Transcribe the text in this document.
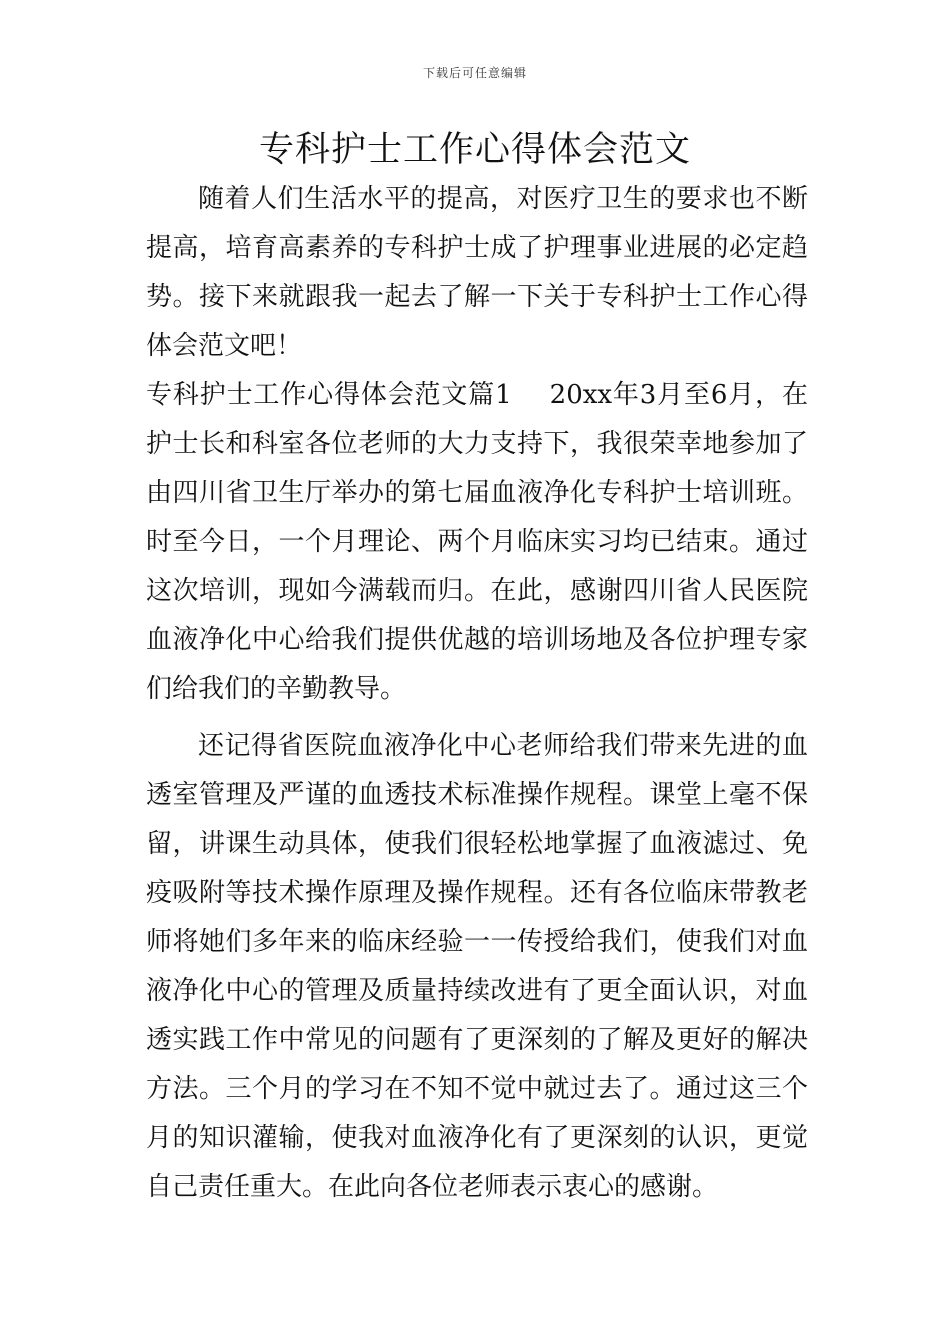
下载后可任意编辑
专科护士工作心得体会范文

随着人们生活水平的提高，对医疗卫生的要求也不断提高，培育高素养的专科护士成了护理事业进展的必定趋势。接下来就跟我一起去了解一下关于专科护士工作心得体会范文吧！

专科护士工作心得体会范文篇1 20xx年3月至6月，在护士长和科室各位老师的大力支持下，我很荣幸地参加了由四川省卫生厅举办的第七届血液净化专科护士培训班。时至今日，一个月理论、两个月临床实习均已结束。通过这次培训，现如今满载而归。在此，感谢四川省人民医院血液净化中心给我们提供优越的培训场地及各位护理专家们给我们的辛勤教导。

还记得省医院血液净化中心老师给我们带来先进的血透室管理及严谨的血透技术标准操作规程。课堂上毫不保留，讲课生动具体，使我们很轻松地掌握了血液滤过、免疫吸附等技术操作原理及操作规程。还有各位临床带教老师将她们多年来的临床经验一一传授给我们，使我们对血液净化中心的管理及质量持续改进有了更全面认识，对血透实践工作中常见的问题有了更深刻的了解及更好的解决方法。三个月的学习在不知不觉中就过去了。通过这三个月的知识灌输，使我对血液净化有了更深刻的认识，更觉自己责任重大。在此向各位老师表示衷心的感谢。
